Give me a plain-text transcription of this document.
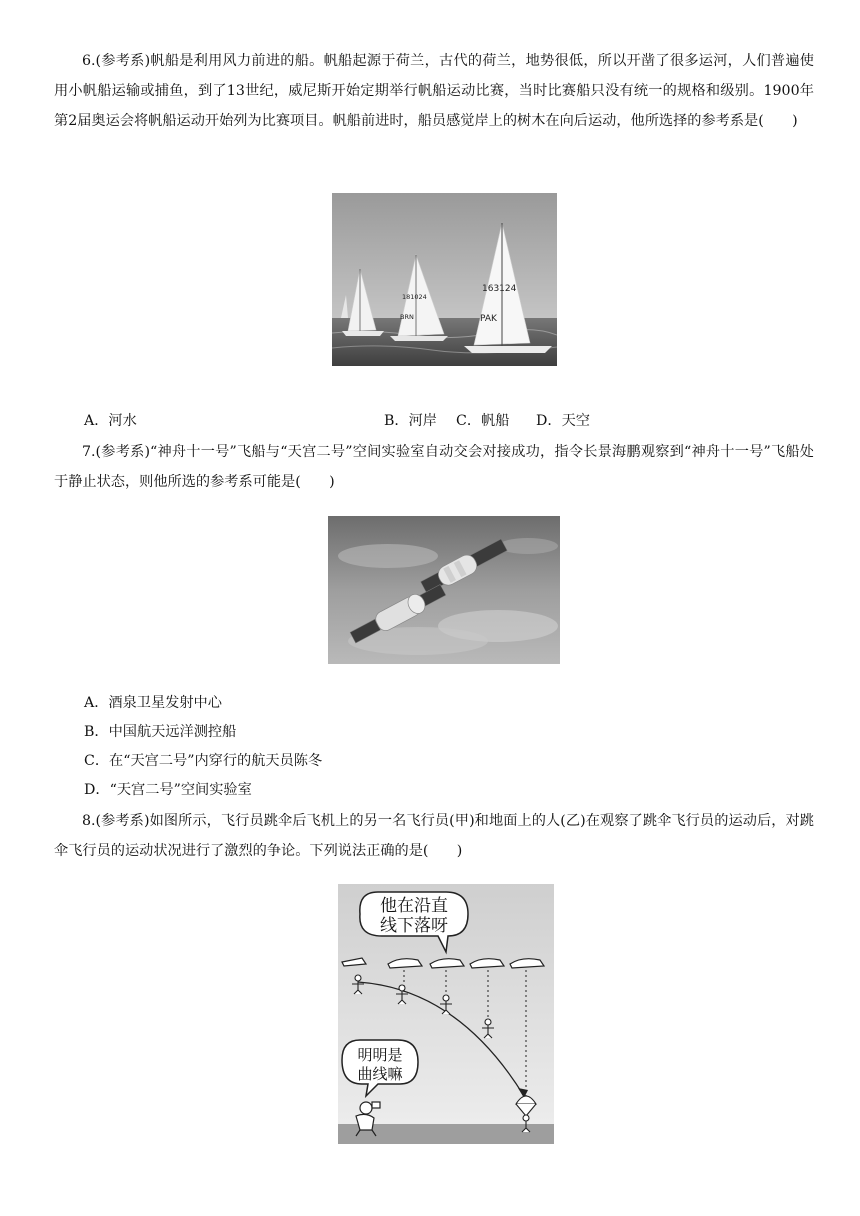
6.(参考系)帆船是利用风力前进的船。帆船起源于荷兰，古代的荷兰，地势很低，所以开凿了很多运河，人们普遍使用小帆船运输或捕鱼，到了13世纪，威尼斯开始定期举行帆船运动比赛，当时比赛船只没有统一的规格和级别。1900年第2届奥运会将帆船运动开始列为比赛项目。帆船前进时，船员感觉岸上的树木在向后运动，他所选择的参考系是(　　)

181024
BRN
163124
PAK
A．河水	B．河岸 C．帆船 D．天空

7.(参考系)“神舟十一号”飞船与“天宫二号”空间实验室自动交会对接成功，指令长景海鹏观察到“神舟十一号”飞船处于静止状态，则他所选的参考系可能是(　　)

A．酒泉卫星发射中心
B．中国航天远洋测控船
C．在“天宫二号”内穿行的航天员陈冬
D．“天宫二号”空间实验室

8.(参考系)如图所示，飞行员跳伞后飞机上的另一名飞行员(甲)和地面上的人(乙)在观察了跳伞飞行员的运动后，对跳伞飞行员的运动状况进行了激烈的争论。下列说法正确的是(　　)

他在沿直
线下落呀
明明是
曲线嘛
